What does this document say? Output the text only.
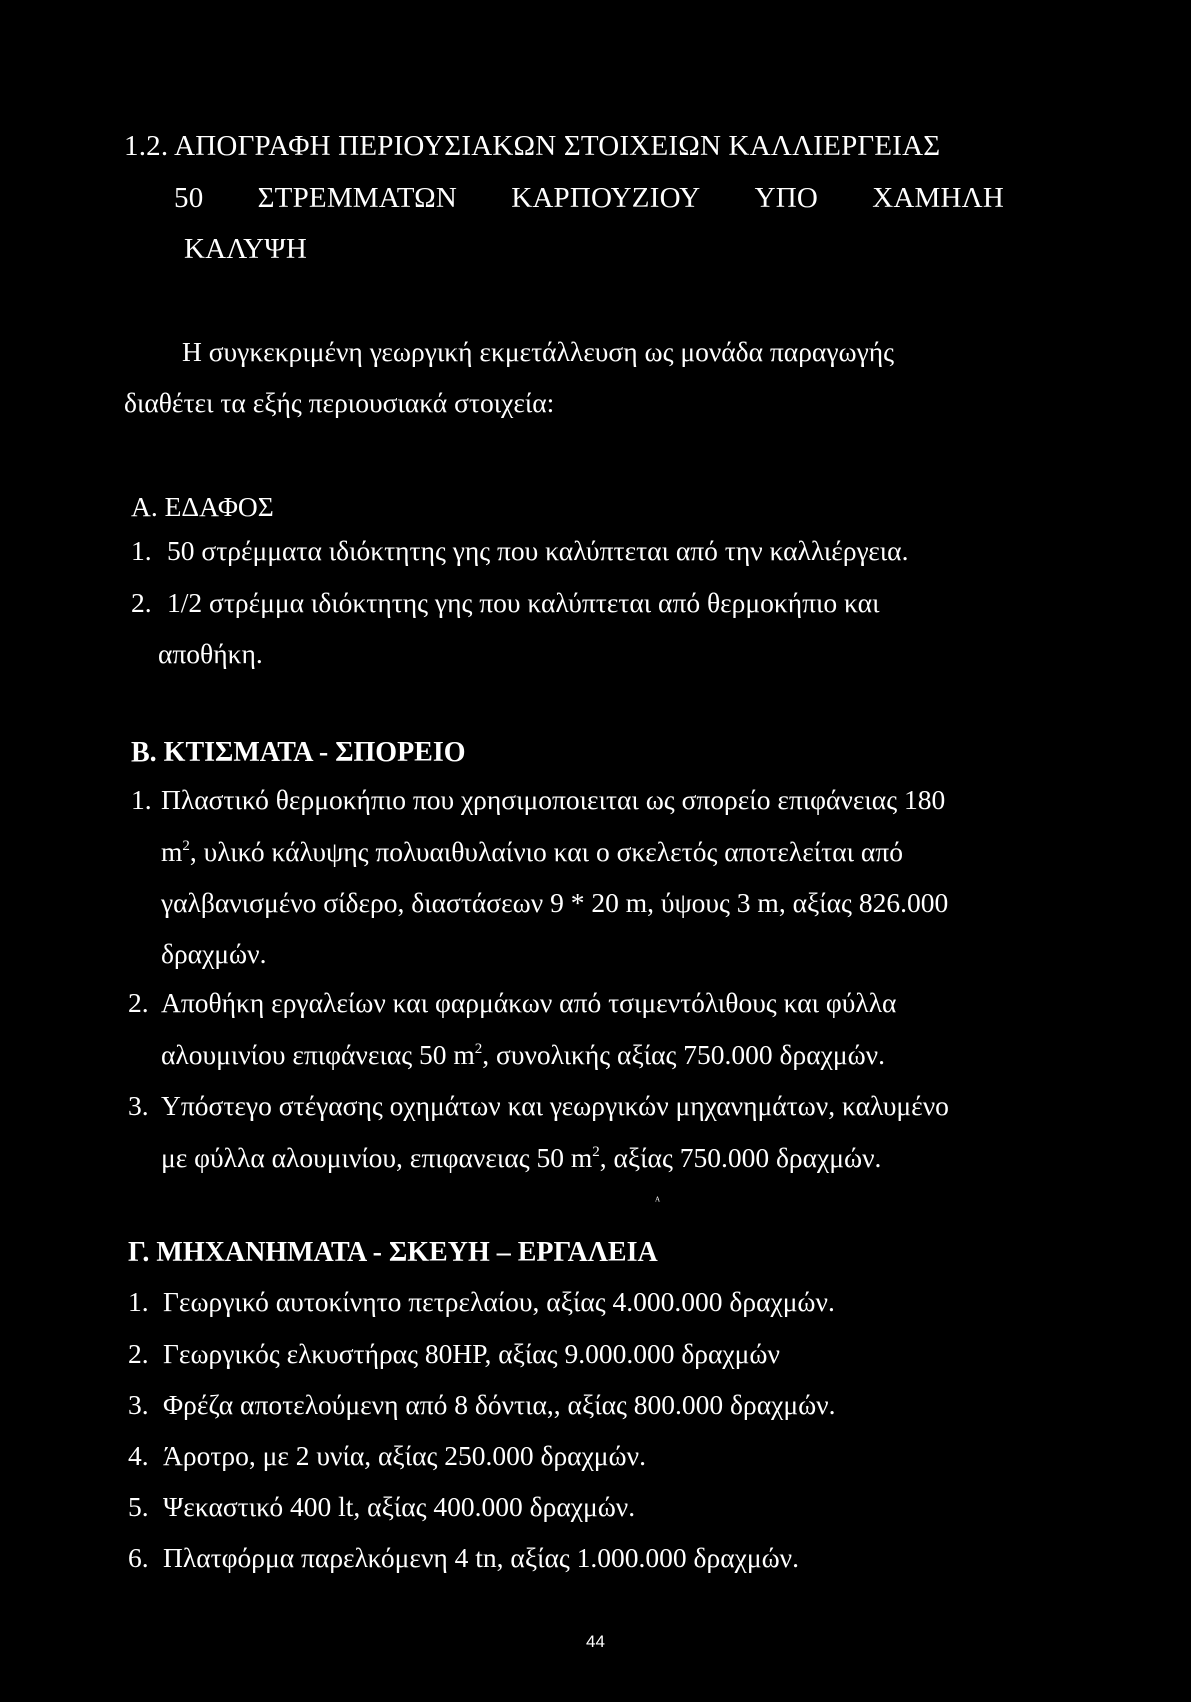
1.2. ΑΠΟΓΡΑΦΗ ΠΕΡΙΟΥΣΙΑΚΩΝ ΣΤΟΙΧΕΙΩΝ ΚΑΛΛΙΕΡΓΕΙΑΣ
50 ΣΤΡΕΜΜΑΤΩΝ ΚΑΡΠΟΥΖΙΟΥ ΥΠΟ ΧΑΜΗΛΗ
ΚΑΛΥΨΗ
Η συγκεκριμένη γεωργική εκμετάλλευση ως μονάδα παραγωγής
διαθέτει τα εξής περιουσιακά στοιχεία:
Α. ΕΔΑΦΟΣ
1. 50 στρέμματα ιδιόκτητης γης που καλύπτεται από την καλλιέργεια.
2. 1/2 στρέμμα ιδιόκτητης γης που καλύπτεται από θερμοκήπιο και
αποθήκη.
Β. ΚΤΙΣΜΑΤΑ - ΣΠΟΡΕΙΟ
1. Πλαστικό θερμοκήπιο που χρησιμοποιειται ως σπορείο επιφάνειας 180
$m^2$, υλικό κάλυψης πολυαιθυλαίνιο και ο σκελετός αποτελείται από
γαλβανισμένο σίδερο, διαστάσεων 9 * 20 m, ύψους 3 m, αξίας 826.000
δραχμών.
2. Αποθήκη εργαλείων και φαρμάκων από τσιμεντόλιθους και φύλλα
αλουμινίου επιφάνειας 50 $m^2$, συνολικής αξίας 750.000 δραχμών.
3. Υπόστεγο στέγασης οχημάτων και γεωργικών μηχανημάτων, καλυμένο
με φύλλα αλουμινίου, επιφανειας 50 $m^2$, αξίας 750.000 δραχμών.
ᴬ
Γ. ΜΗΧΑΝΗΜΑΤΑ - ΣΚΕΥΗ – ΕΡΓΑΛΕΙΑ
1. Γεωργικό αυτοκίνητο πετρελαίου, αξίας 4.000.000 δραχμών.
2. Γεωργικός ελκυστήρας 80HP, αξίας 9.000.000 δραχμών
3. Φρέζα αποτελούμενη από 8 δόντια,, αξίας 800.000 δραχμών.
4. Άροτρο, με 2 υνία, αξίας 250.000 δραχμών.
5. Ψεκαστικό 400 lt, αξίας 400.000 δραχμών.
6. Πλατφόρμα παρελκόμενη 4 tn, αξίας 1.000.000 δραχμών.
44
